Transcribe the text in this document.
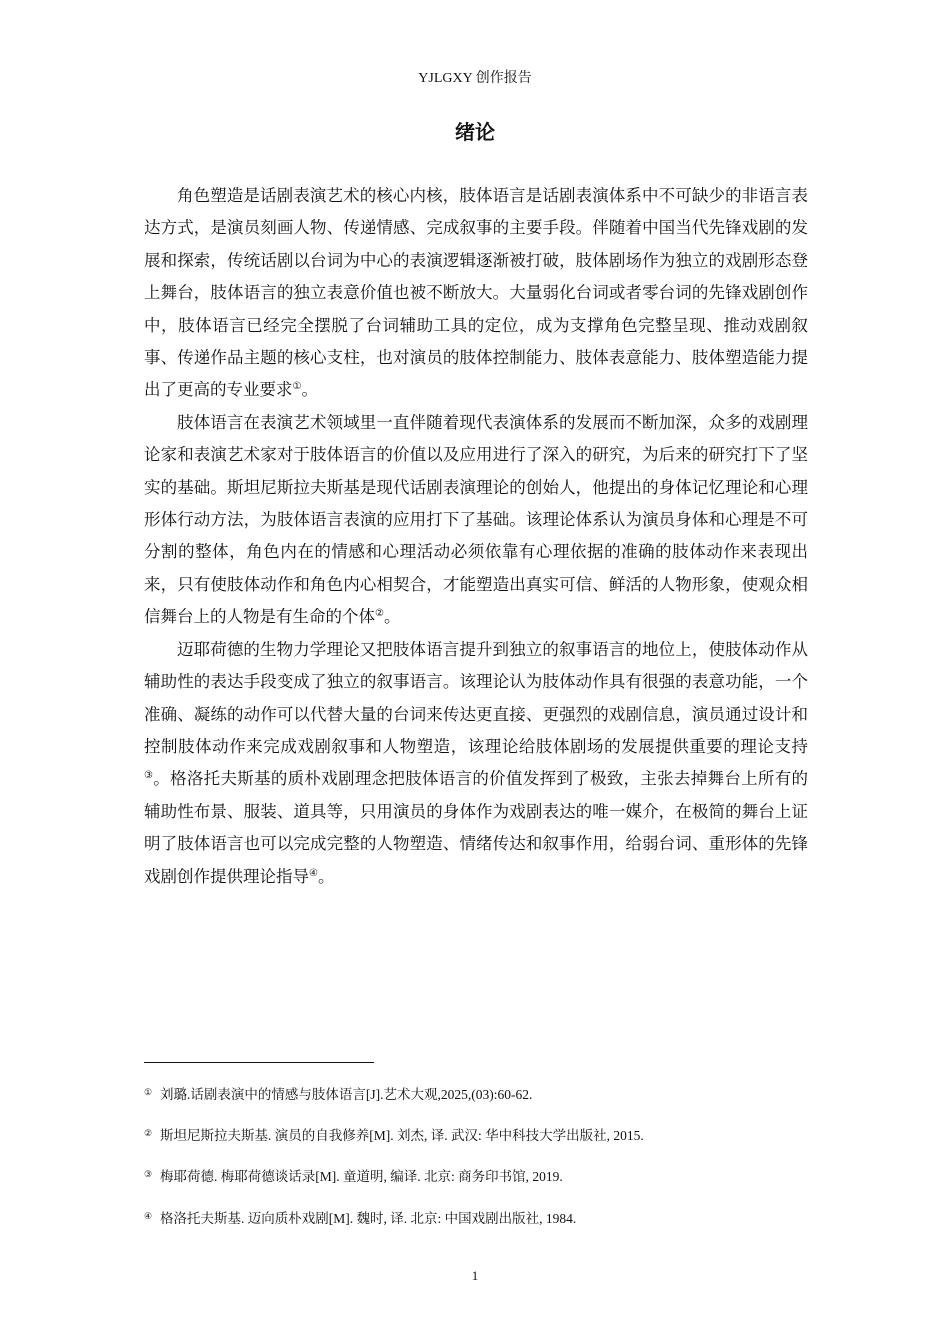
YJLGXY 创作报告
绪论

角色塑造是话剧表演艺术的核心内核，肢体语言是话剧表演体系中不可缺少的非语言表达方式，是演员刻画人物、传递情感、完成叙事的主要手段。伴随着中国当代先锋戏剧的发展和探索，传统话剧以台词为中心的表演逻辑逐渐被打破，肢体剧场作为独立的戏剧形态登上舞台，肢体语言的独立表意价值也被不断放大。大量弱化台词或者零台词的先锋戏剧创作中，肢体语言已经完全摆脱了台词辅助工具的定位，成为支撑角色完整呈现、推动戏剧叙事、传递作品主题的核心支柱，也对演员的肢体控制能力、肢体表意能力、肢体塑造能力提出了更高的专业要求①。

肢体语言在表演艺术领域里一直伴随着现代表演体系的发展而不断加深，众多的戏剧理论家和表演艺术家对于肢体语言的价值以及应用进行了深入的研究，为后来的研究打下了坚实的基础。斯坦尼斯拉夫斯基是现代话剧表演理论的创始人，他提出的身体记忆理论和心理形体行动方法，为肢体语言表演的应用打下了基础。该理论体系认为演员身体和心理是不可分割的整体，角色内在的情感和心理活动必须依靠有心理依据的准确的肢体动作来表现出来，只有使肢体动作和角色内心相契合，才能塑造出真实可信、鲜活的人物形象，使观众相信舞台上的人物是有生命的个体②。

迈耶荷德的生物力学理论又把肢体语言提升到独立的叙事语言的地位上，使肢体动作从辅助性的表达手段变成了独立的叙事语言。该理论认为肢体动作具有很强的表意功能，一个准确、凝练的动作可以代替大量的台词来传达更直接、更强烈的戏剧信息，演员通过设计和控制肢体动作来完成戏剧叙事和人物塑造，该理论给肢体剧场的发展提供重要的理论支持③。格洛托夫斯基的质朴戏剧理念把肢体语言的价值发挥到了极致，主张去掉舞台上所有的辅助性布景、服装、道具等，只用演员的身体作为戏剧表达的唯一媒介，在极简的舞台上证明了肢体语言也可以完成完整的人物塑造、情绪传达和叙事作用，给弱台词、重形体的先锋戏剧创作提供理论指导④。

① 刘璐.话剧表演中的情感与肢体语言[J].艺术大观,2025,(03):60-62.
② 斯坦尼斯拉夫斯基. 演员的自我修养[M]. 刘杰, 译. 武汉: 华中科技大学出版社, 2015.
③ 梅耶荷德. 梅耶荷德谈话录[M]. 童道明, 编译. 北京: 商务印书馆, 2019.
④ 格洛托夫斯基. 迈向质朴戏剧[M]. 魏时, 译. 北京: 中国戏剧出版社, 1984.
1
